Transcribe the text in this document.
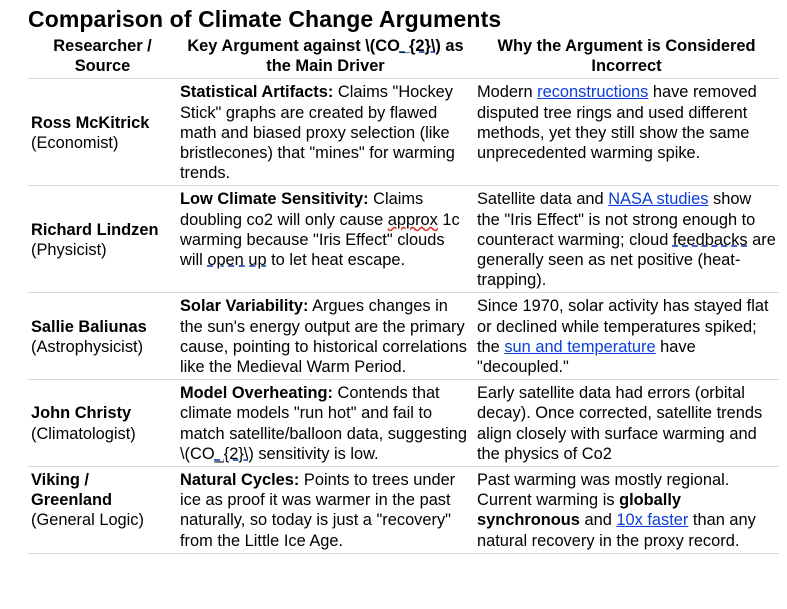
Comparison of Climate Change Arguments
Researcher / Source	Key Argument against \(CO_{2}\) as the Main Driver	Why the Argument is Considered Incorrect

Ross McKitrick
(Economist)	Statistical Artifacts: Claims "Hockey Stick" graphs are created by flawed math and biased proxy selection (like bristlecones) that "mines" for warming trends.	Modern reconstructions have removed disputed tree rings and used different methods, yet they still show the same unprecedented warming spike.

Richard Lindzen
(Physicist)	Low Climate Sensitivity: Claims doubling co2 will only cause approx 1c warming because "Iris Effect" clouds will open up to let heat escape.	Satellite data and NASA studies show the "Iris Effect" is not strong enough to counteract warming; cloud feedbacks are generally seen as net positive (heat-trapping).

Sallie Baliunas
(Astrophysicist)	Solar Variability: Argues changes in the sun's energy output are the primary cause, pointing to historical correlations like the Medieval Warm Period.	Since 1970, solar activity has stayed flat or declined while temperatures spiked; the sun and temperature have "decoupled."

John Christy
(Climatologist)	Model Overheating: Contends that climate models "run hot" and fail to match satellite/balloon data, suggesting \(CO_{2}\) sensitivity is low.	Early satellite data had errors (orbital decay). Once corrected, satellite trends align closely with surface warming and the physics of Co2

Viking / Greenland
(General Logic)	Natural Cycles: Points to trees under ice as proof it was warmer in the past naturally, so today is just a "recovery" from the Little Ice Age.	Past warming was mostly regional. Current warming is globally synchronous and 10x faster than any natural recovery in the proxy record.
